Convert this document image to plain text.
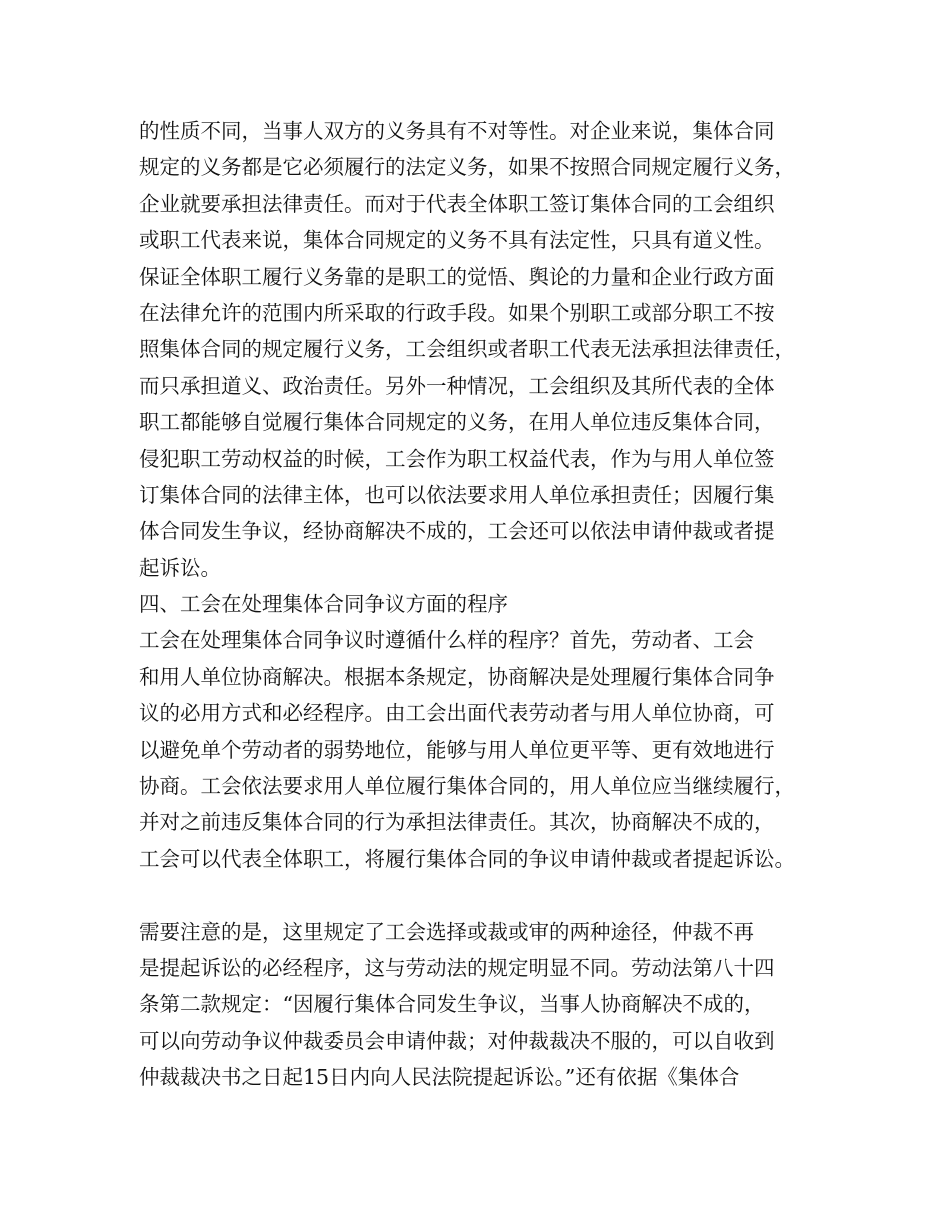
的性质不同，当事人双方的义务具有不对等性。对企业来说，集体合同
规定的义务都是它必须履行的法定义务，如果不按照合同规定履行义务，
企业就要承担法律责任。而对于代表全体职工签订集体合同的工会组织
或职工代表来说，集体合同规定的义务不具有法定性，只具有道义性。
保证全体职工履行义务靠的是职工的觉悟、舆论的力量和企业行政方面
在法律允许的范围内所采取的行政手段。如果个别职工或部分职工不按
照集体合同的规定履行义务，工会组织或者职工代表无法承担法律责任，
而只承担道义、政治责任。另外一种情况，工会组织及其所代表的全体
职工都能够自觉履行集体合同规定的义务，在用人单位违反集体合同，
侵犯职工劳动权益的时候，工会作为职工权益代表，作为与用人单位签
订集体合同的法律主体，也可以依法要求用人单位承担责任；因履行集
体合同发生争议，经协商解决不成的，工会还可以依法申请仲裁或者提
起诉讼。
四、工会在处理集体合同争议方面的程序
工会在处理集体合同争议时遵循什么样的程序？首先，劳动者、工会
和用人单位协商解决。根据本条规定，协商解决是处理履行集体合同争
议的必用方式和必经程序。由工会出面代表劳动者与用人单位协商，可
以避免单个劳动者的弱势地位，能够与用人单位更平等、更有效地进行
协商。工会依法要求用人单位履行集体合同的，用人单位应当继续履行，
并对之前违反集体合同的行为承担法律责任。其次，协商解决不成的，
工会可以代表全体职工，将履行集体合同的争议申请仲裁或者提起诉讼。
需要注意的是，这里规定了工会选择或裁或审的两种途径，仲裁不再
是提起诉讼的必经程序，这与劳动法的规定明显不同。劳动法第八十四
条第二款规定：“因履行集体合同发生争议，当事人协商解决不成的，
可以向劳动争议仲裁委员会申请仲裁；对仲裁裁决不服的，可以自收到
仲裁裁决书之日起15日内向人民法院提起诉讼。”还有依据《集体合
